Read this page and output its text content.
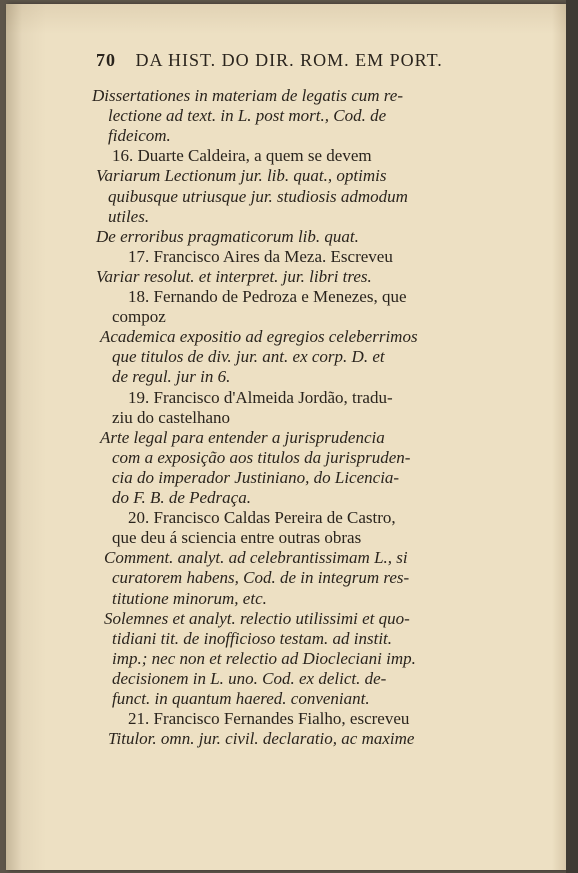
70 DA HIST. DO DIR. ROM. EM PORT.
Dissertationes in materiam de legatis cum re-
lectione ad text. in L. post mort., Cod. de
fideicom.
16. Duarte Caldeira, a quem se devem
Variarum Lectionum jur. lib. quat., optimis
quibusque utriusque jur. studiosis admodum
utiles.
De erroribus pragmaticorum lib. quat.
17. Francisco Aires da Meza. Escreveu
Variar resolut. et interpret. jur. libri tres.
18. Fernando de Pedroza e Menezes, que
compoz
Academica expositio ad egregios celeberrimos
que titulos de div. jur. ant. ex corp. D. et
de regul. jur in 6.
19. Francisco d'Almeida Jordão, tradu-
ziu do castelhano
Arte legal para entender a jurisprudencia
com a exposição aos titulos da jurispruden-
cia do imperador Justiniano, do Licencia-
do F. B. de Pedraça.
20. Francisco Caldas Pereira de Castro,
que deu á sciencia entre outras obras
Comment. analyt. ad celebrantissimam L., si
curatorem habens, Cod. de in integrum res-
titutione minorum, etc.
Solemnes et analyt. relectio utilissimi et quo-
tidiani tit. de inofficioso testam. ad instit.
imp.; nec non et relectio ad Diocleciani imp.
decisionem in L. uno. Cod. ex delict. de-
funct. in quantum haered. conveniant.
21. Francisco Fernandes Fialho, escreveu
Titulor. omn. jur. civil. declaratio, ac maxime
